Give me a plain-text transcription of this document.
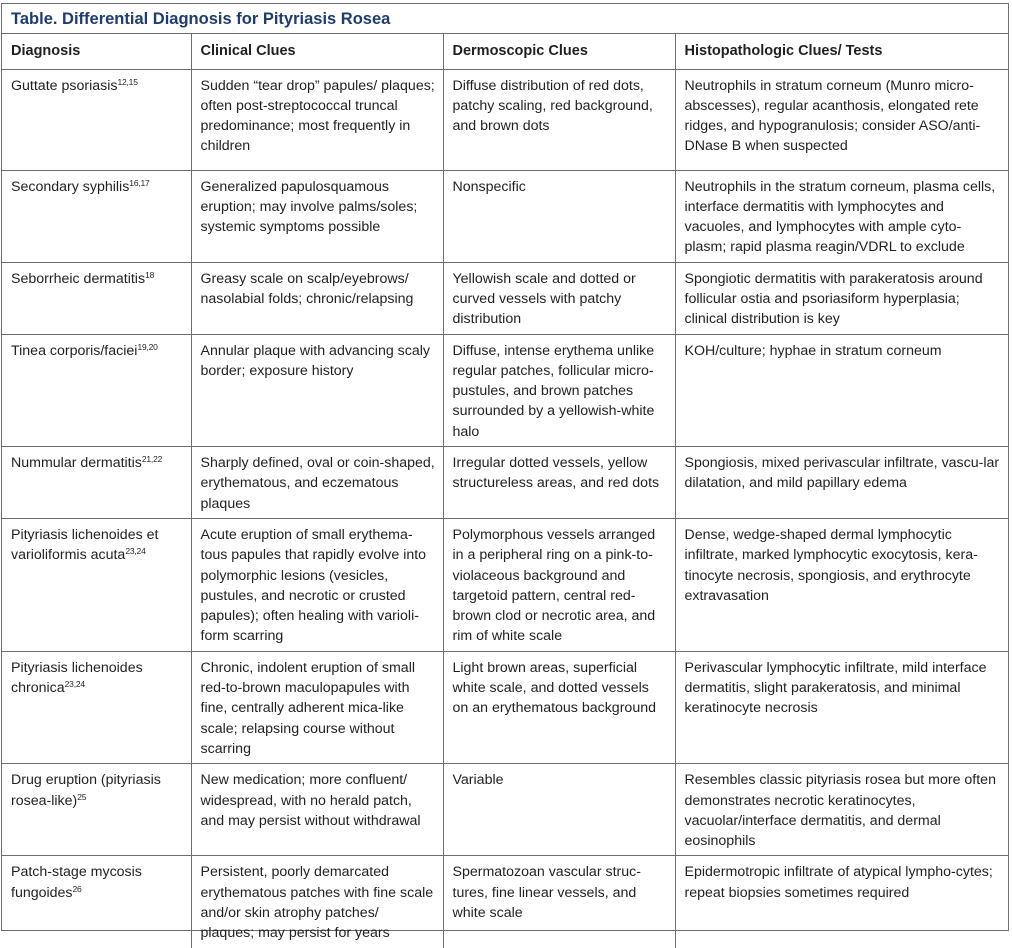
Table. Differential Diagnosis for Pityriasis Rosea
Diagnosis	Clinical Clues	Dermoscopic Clues	Histopathologic Clues/ Tests
Guttate psoriasis$^{12,15}$	Sudden “tear drop” papules/ plaques; often post-streptococcal truncal predominance; most frequently in children	Diffuse distribution of red dots, patchy scaling, red background, and brown dots	Neutrophils in stratum corneum (Munro micro-abscesses), regular acanthosis, elongated rete ridges, and hypogranulosis; consider ASO/anti-DNase B when suspected
Secondary syphilis$^{16,17}$	Generalized papulosquamous eruption; may involve palms/soles; systemic symptoms possible	Nonspecific	Neutrophils in the stratum corneum, plasma cells, interface dermatitis with lymphocytes and vacuoles, and lymphocytes with ample cyto-plasm; rapid plasma reagin/VDRL to exclude
Seborrheic dermatitis$^{18}$	Greasy scale on scalp/eyebrows/ nasolabial folds; chronic/relapsing	Yellowish scale and dotted or curved vessels with patchy distribution	Spongiotic dermatitis with parakeratosis around follicular ostia and psoriasiform hyperplasia; clinical distribution is key
Tinea corporis/faciei$^{19,20}$	Annular plaque with advancing scaly border; exposure history	Diffuse, intense erythema unlike regular patches, follicular micro-pustules, and brown patches surrounded by a yellowish-white halo	KOH/culture; hyphae in stratum corneum
Nummular dermatitis$^{21,22}$	Sharply defined, oval or coin-shaped, erythematous, and eczematous plaques	Irregular dotted vessels, yellow structureless areas, and red dots	Spongiosis, mixed perivascular infiltrate, vascu-lar dilatation, and mild papillary edema
Pityriasis lichenoides et varioliformis acuta$^{23,24}$	Acute eruption of small erythema-tous papules that rapidly evolve into polymorphic lesions (vesicles, pustules, and necrotic or crusted papules); often healing with varioli-form scarring	Polymorphous vessels arranged in a peripheral ring on a pink-to-violaceous background and targetoid pattern, central red-brown clod or necrotic area, and rim of white scale	Dense, wedge-shaped dermal lymphocytic infiltrate, marked lymphocytic exocytosis, kera-tinocyte necrosis, spongiosis, and erythrocyte extravasation
Pityriasis lichenoides chronica$^{23,24}$	Chronic, indolent eruption of small red-to-brown maculopapules with fine, centrally adherent mica-like scale; relapsing course without scarring	Light brown areas, superficial white scale, and dotted vessels on an erythematous background	Perivascular lymphocytic infiltrate, mild interface dermatitis, slight parakeratosis, and minimal keratinocyte necrosis
Drug eruption (pityriasis rosea-like)$^{25}$	New medication; more confluent/ widespread, with no herald patch, and may persist without withdrawal	Variable	Resembles classic pityriasis rosea but more often demonstrates necrotic keratinocytes, vacuolar/interface dermatitis, and dermal eosinophils
Patch-stage mycosis fungoides$^{26}$	Persistent, poorly demarcated erythematous patches with fine scale and/or skin atrophy patches/ plaques; may persist for years	Spermatozoan vascular struc-tures, fine linear vessels, and white scale	Epidermotropic infiltrate of atypical lympho-cytes; repeat biopsies sometimes required
